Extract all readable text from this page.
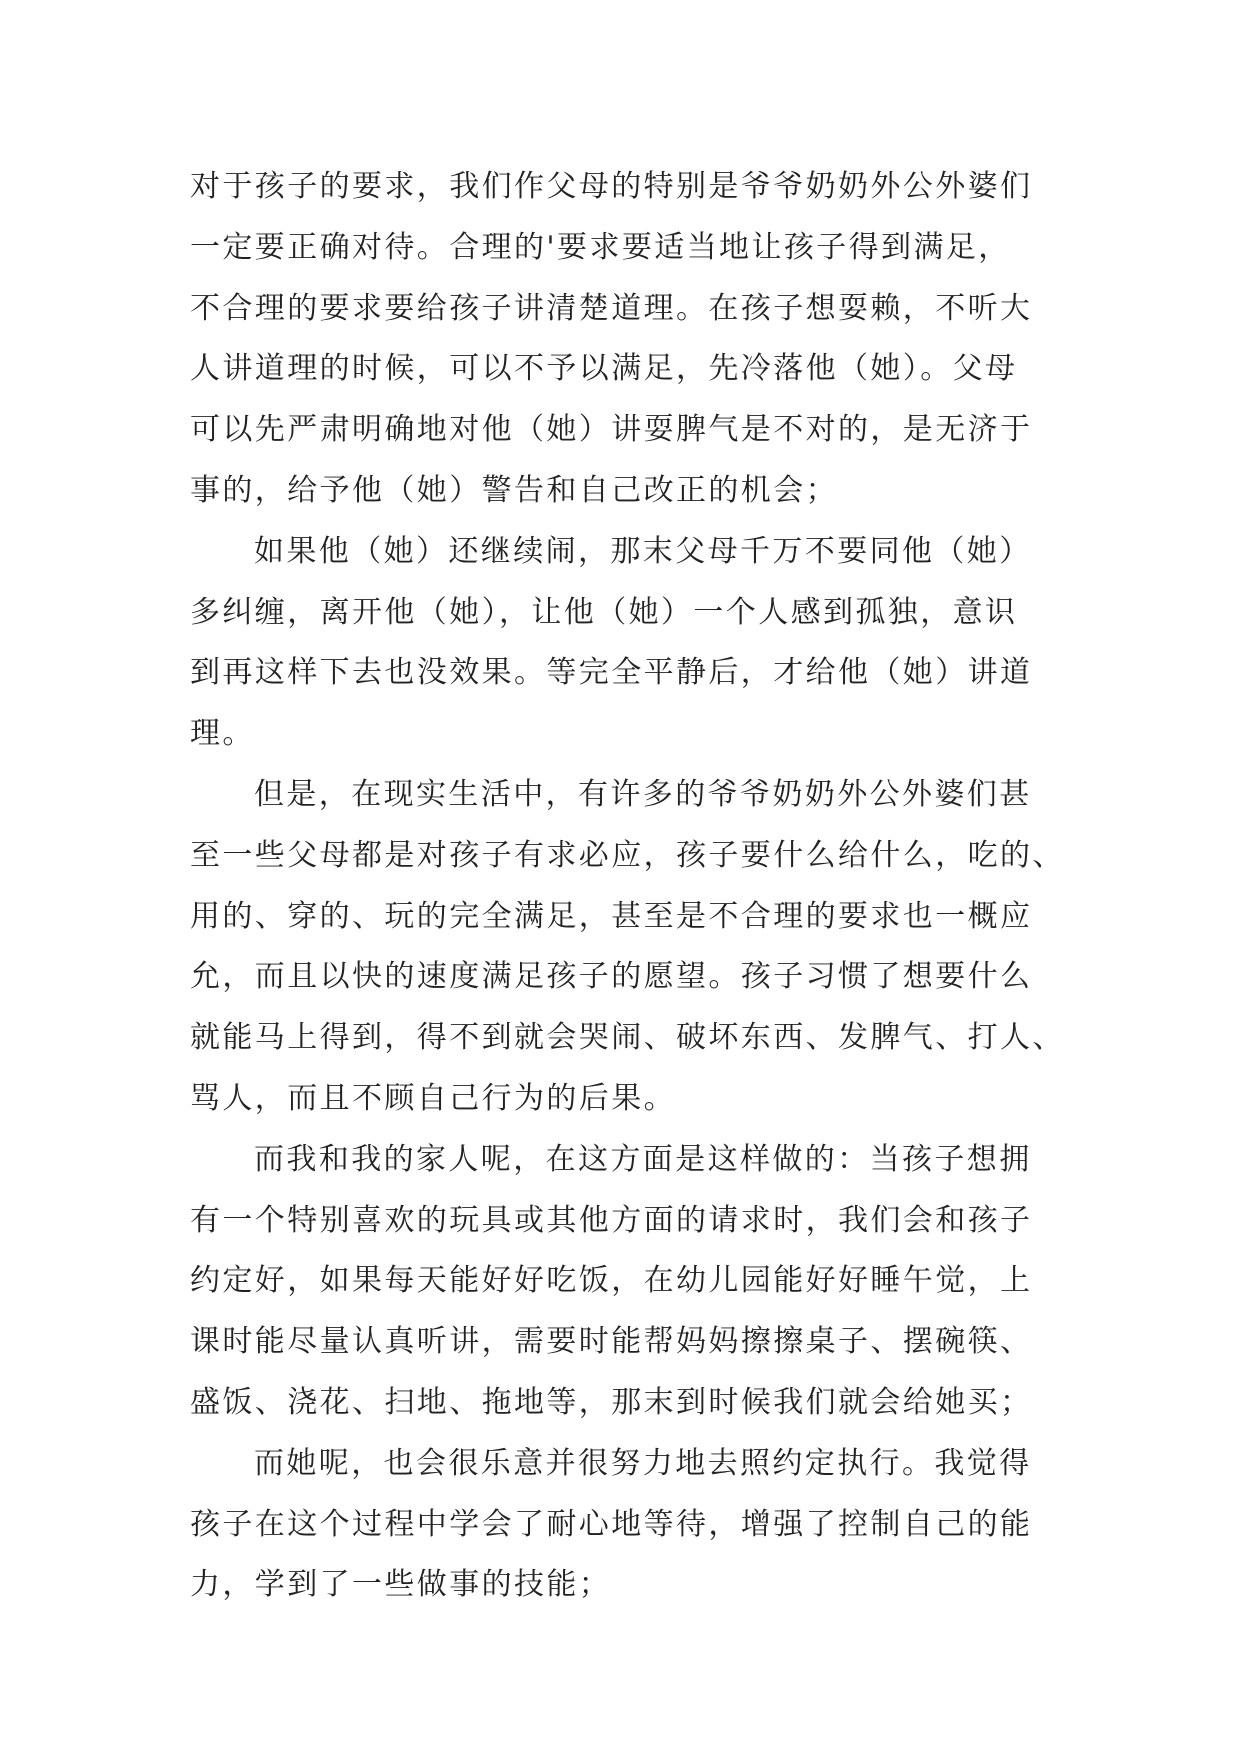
对于孩子的要求，我们作父母的特别是爷爷奶奶外公外婆们
一定要正确对待。合理的'要求要适当地让孩子得到满足，
不合理的要求要给孩子讲清楚道理。在孩子想耍赖，不听大
人讲道理的时候，可以不予以满足，先冷落他（她）。父母
可以先严肃明确地对他（她）讲耍脾气是不对的，是无济于
事的，给予他（她）警告和自己改正的机会；
如果他（她）还继续闹，那末父母千万不要同他（她）
多纠缠，离开他（她），让他（她）一个人感到孤独，意识
到再这样下去也没效果。等完全平静后，才给他（她）讲道
理。
但是，在现实生活中，有许多的爷爷奶奶外公外婆们甚
至一些父母都是对孩子有求必应，孩子要什么给什么，吃的、
用的、穿的、玩的完全满足，甚至是不合理的要求也一概应
允，而且以快的速度满足孩子的愿望。孩子习惯了想要什么
就能马上得到，得不到就会哭闹、破坏东西、发脾气、打人、
骂人，而且不顾自己行为的后果。
而我和我的家人呢，在这方面是这样做的：当孩子想拥
有一个特别喜欢的玩具或其他方面的请求时，我们会和孩子
约定好，如果每天能好好吃饭，在幼儿园能好好睡午觉，上
课时能尽量认真听讲，需要时能帮妈妈擦擦桌子、摆碗筷、
盛饭、浇花、扫地、拖地等，那末到时候我们就会给她买；
而她呢，也会很乐意并很努力地去照约定执行。我觉得
孩子在这个过程中学会了耐心地等待，增强了控制自己的能
力，学到了一些做事的技能；
